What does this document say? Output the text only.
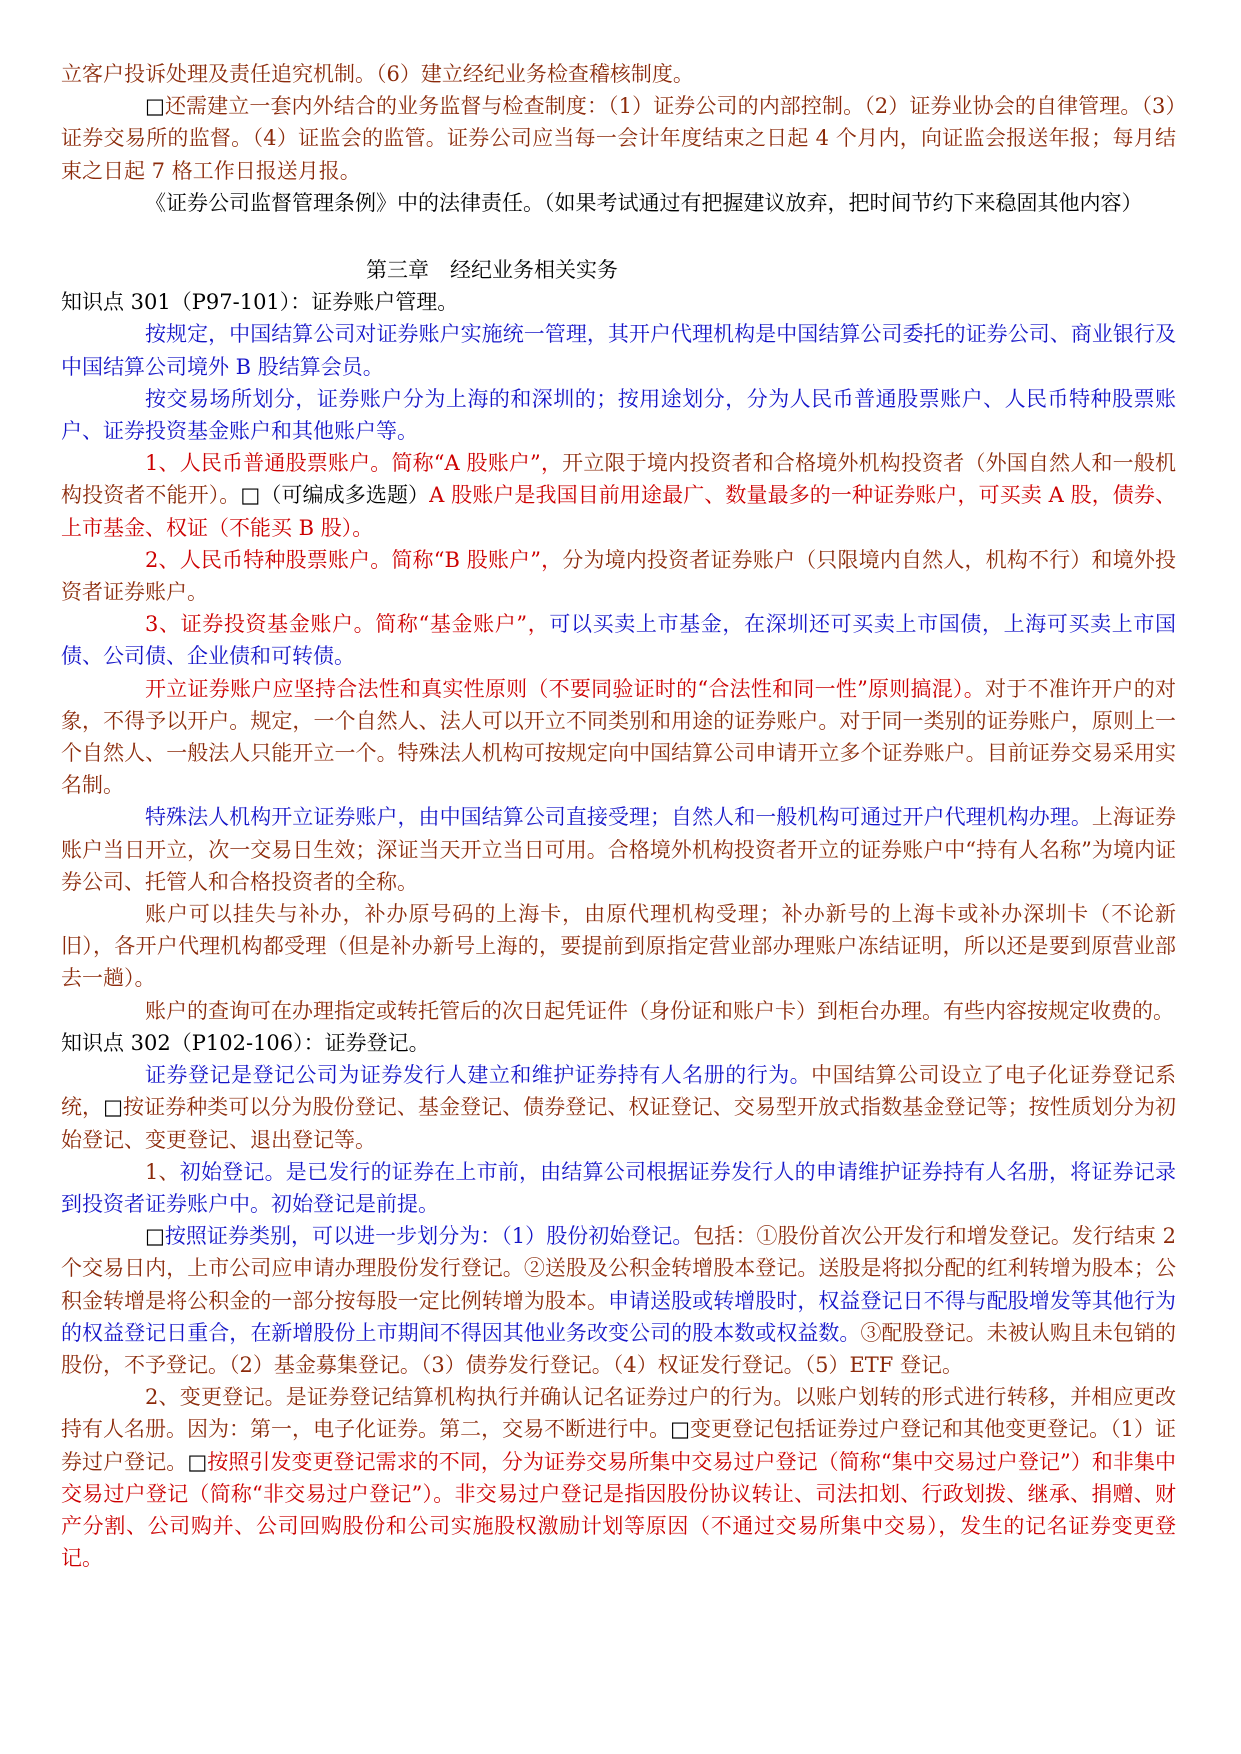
立客户投诉处理及责任追究机制。（6）建立经纪业务检查稽核制度。

□还需建立一套内外结合的业务监督与检查制度：（1）证券公司的内部控制。（2）证券业协会的自律管理。（3）证券交易所的监督。（4）证监会的监管。证券公司应当每一会计年度结束之日起 4 个月内，向证监会报送年报；每月结束之日起 7 格工作日报送月报。

《证券公司监督管理条例》中的法律责任。（如果考试通过有把握建议放弃，把时间节约下来稳固其他内容）

第三章　经纪业务相关实务

知识点 301（P97-101）：证券账户管理。

按规定，中国结算公司对证券账户实施统一管理，其开户代理机构是中国结算公司委托的证券公司、商业银行及中国结算公司境外 B 股结算会员。

按交易场所划分，证券账户分为上海的和深圳的；按用途划分，分为人民币普通股票账户、人民币特种股票账户、证券投资基金账户和其他账户等。

1、人民币普通股票账户。简称“A 股账户”，开立限于境内投资者和合格境外机构投资者（外国自然人和一般机构投资者不能开）。□（可编成多选题）A 股账户是我国目前用途最广、数量最多的一种证券账户，可买卖 A 股，债券、上市基金、权证（不能买 B 股）。

2、人民币特种股票账户。简称“B 股账户”，分为境内投资者证券账户（只限境内自然人，机构不行）和境外投资者证券账户。

3、证券投资基金账户。简称“基金账户”，可以买卖上市基金，在深圳还可买卖上市国债，上海可买卖上市国债、公司债、企业债和可转债。

开立证券账户应坚持合法性和真实性原则（不要同验证时的“合法性和同一性”原则搞混）。对于不准许开户的对象，不得予以开户。规定，一个自然人、法人可以开立不同类别和用途的证券账户。对于同一类别的证券账户，原则上一个自然人、一般法人只能开立一个。特殊法人机构可按规定向中国结算公司申请开立多个证券账户。目前证券交易采用实名制。

特殊法人机构开立证券账户，由中国结算公司直接受理；自然人和一般机构可通过开户代理机构办理。上海证券账户当日开立，次一交易日生效；深证当天开立当日可用。合格境外机构投资者开立的证券账户中“持有人名称”为境内证券公司、托管人和合格投资者的全称。

账户可以挂失与补办，补办原号码的上海卡，由原代理机构受理；补办新号的上海卡或补办深圳卡（不论新旧），各开户代理机构都受理（但是补办新号上海的，要提前到原指定营业部办理账户冻结证明，所以还是要到原营业部去一趟）。

账户的查询可在办理指定或转托管后的次日起凭证件（身份证和账户卡）到柜台办理。有些内容按规定收费的。

知识点 302（P102-106）：证券登记。

证券登记是登记公司为证券发行人建立和维护证券持有人名册的行为。中国结算公司设立了电子化证券登记系统，□按证券种类可以分为股份登记、基金登记、债券登记、权证登记、交易型开放式指数基金登记等；按性质划分为初始登记、变更登记、退出登记等。

1、初始登记。是已发行的证券在上市前，由结算公司根据证券发行人的申请维护证券持有人名册，将证券记录到投资者证券账户中。初始登记是前提。

□按照证券类别，可以进一步划分为：（1）股份初始登记。包括：①股份首次公开发行和增发登记。发行结束 2 个交易日内，上市公司应申请办理股份发行登记。②送股及公积金转增股本登记。送股是将拟分配的红利转增为股本；公积金转增是将公积金的一部分按每股一定比例转增为股本。申请送股或转增股时，权益登记日不得与配股增发等其他行为的权益登记日重合，在新增股份上市期间不得因其他业务改变公司的股本数或权益数。③配股登记。未被认购且未包销的股份，不予登记。（2）基金募集登记。（3）债券发行登记。（4）权证发行登记。（5）ETF 登记。

2、变更登记。是证券登记结算机构执行并确认记名证券过户的行为。以账户划转的形式进行转移，并相应更改持有人名册。因为：第一，电子化证券。第二，交易不断进行中。□变更登记包括证券过户登记和其他变更登记。（1）证券过户登记。□按照引发变更登记需求的不同，分为证券交易所集中交易过户登记（简称“集中交易过户登记”）和非集中交易过户登记（简称“非交易过户登记”）。非交易过户登记是指因股份协议转让、司法扣划、行政划拨、继承、捐赠、财产分割、公司购并、公司回购股份和公司实施股权激励计划等原因（不通过交易所集中交易），发生的记名证券变更登记。
